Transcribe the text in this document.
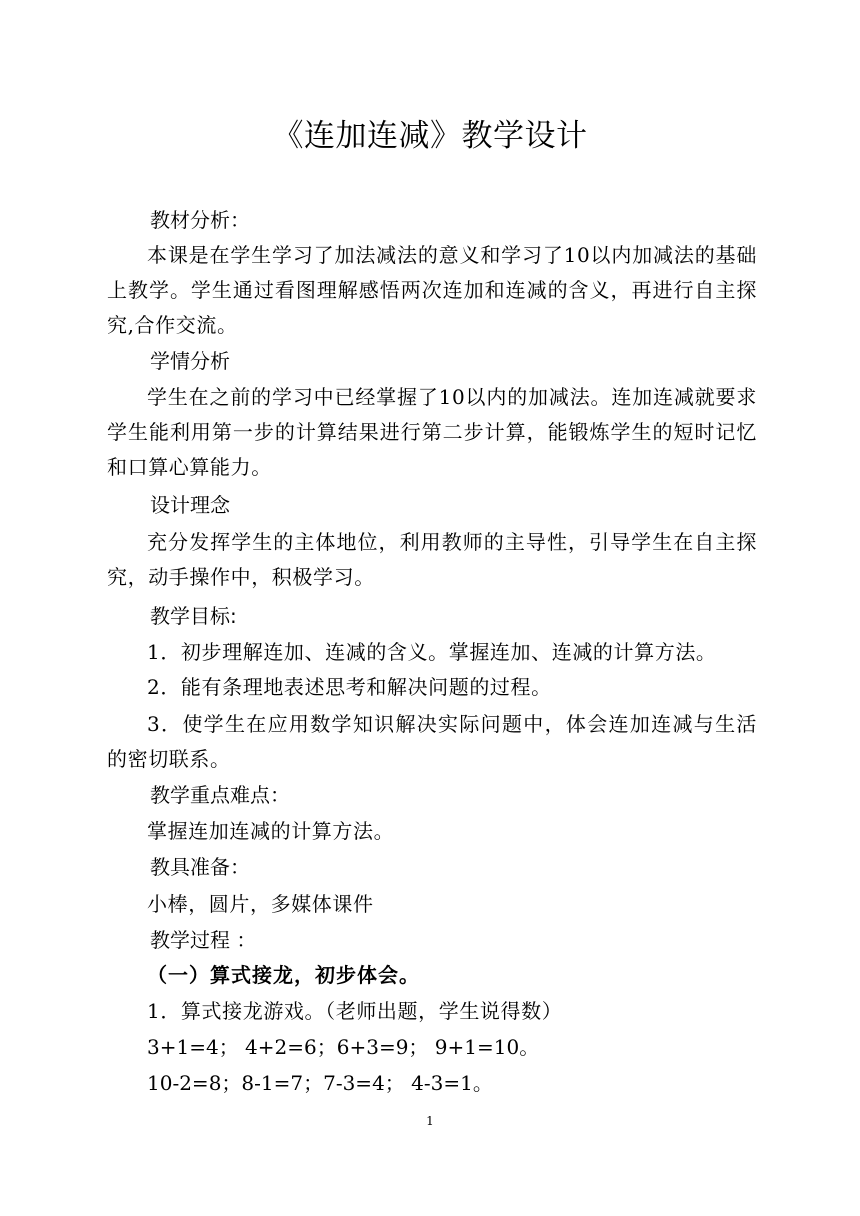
《连加连减》教学设计
教材分析：
本课是在学生学习了加法减法的意义和学习了10以内加减法的基础上教学。学生通过看图理解感悟两次连加和连减的含义，再进行自主探究,合作交流。
学情分析
学生在之前的学习中已经掌握了10以内的加减法。连加连减就要求 学生能利用第一步的计算结果进行第二步计算，能锻炼学生的短时记忆和口算心算能力。
设计理念
充分发挥学生的主体地位，利用教师的主导性，引导学生在自主探究，动手操作中，积极学习。
教学目标:
1．初步理解连加、连减的含义。掌握连加、连减的计算方法。
2．能有条理地表述思考和解决问题的过程。
3．使学生在应用数学知识解决实际问题中，体会连加连减与生活的密切联系。
教学重点难点：
掌握连加连减的计算方法。
教具准备：
小棒，圆片，多媒体课件
教学过程 ：
（一）算式接龙，初步体会。
1．算式接龙游戏。（老师出题，学生说得数）
3+1=4； 4+2=6；6+3=9； 9+1=10。
10-2=8；8-1=7；7-3=4； 4-3=1。
1
